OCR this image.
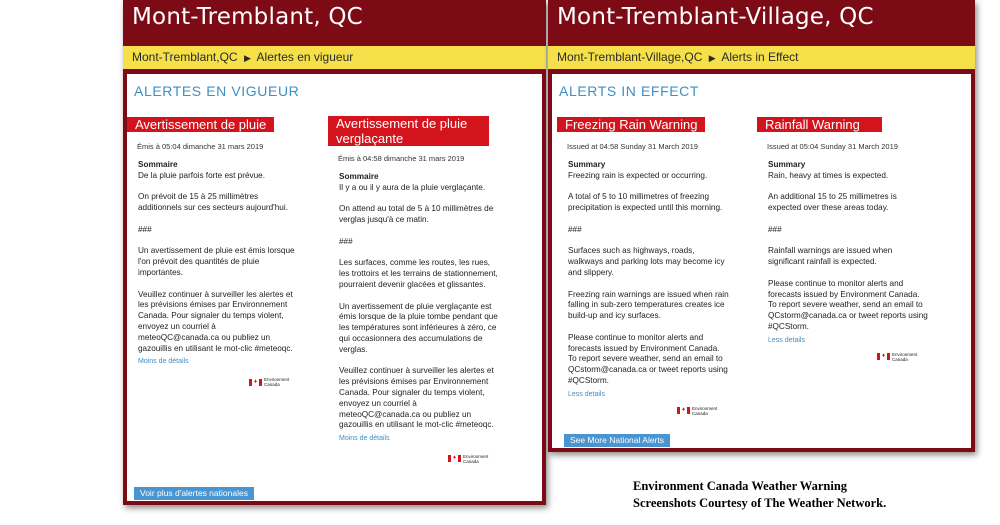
Mont-Tremblant, QC
Mont-Tremblant,QC ▶ Alertes en vigueur
ALERTES EN VIGUEUR
Avertissement de pluie
Émis à 05:04 dimanche 31 mars 2019
Sommaire

De la pluie parfois forte est prévue.

On prévoit de 15 à 25 millimètres additionnels sur ces secteurs aujourd'hui.

###

Un avertissement de pluie est émis lorsque l'on prévoit des quantités de pluie importantes.

Veuillez continuer à surveiller les alertes et les prévisions émises par Environnement Canada. Pour signaler du temps violent, envoyez un courriel à meteoQC@canada.ca ou publiez un gazouillis en utilisant le mot-clic #meteoqc.

Moins de détails
♦	Environment
Canada
Avertissement de pluie verglaçante
Émis à 04:58 dimanche 31 mars 2019
Sommaire

Il y a ou il y aura de la pluie verglaçante.

On attend au total de 5 à 10 millimètres de verglas jusqu'à ce matin.

###

Les surfaces, comme les routes, les rues, les trottoirs et les terrains de stationnement, pourraient devenir glacées et glissantes.

Un avertissement de pluie verglaçante est émis lorsque de la pluie tombe pendant que les températures sont inférieures à zéro, ce qui occasionnera des accumulations de verglas.

Veuillez continuer à surveiller les alertes et les prévisions émises par Environnement Canada. Pour signaler du temps violent, envoyez un courriel à meteoQC@canada.ca ou publiez un gazouillis en utilisant le mot-clic #meteoqc.

Moins de détails
♦	Environment
Canada
Voir plus d'alertes nationales
Mont-Tremblant-Village, QC
Mont-Tremblant-Village,QC ▶ Alerts in Effect
ALERTS IN EFFECT
Freezing Rain Warning
Issued at 04:58 Sunday 31 March 2019
Summary

Freezing rain is expected or occurring.

A total of 5 to 10 millimetres of freezing precipitation is expected until this morning.

###

Surfaces such as highways, roads, walkways and parking lots may become icy and slippery.

Freezing rain warnings are issued when rain falling in sub-zero temperatures creates ice build-up and icy surfaces.

Please continue to monitor alerts and forecasts issued by Environment Canada. To report severe weather, send an email to QCstorm@canada.ca or tweet reports using #QCStorm.

Less details
♦	Environment
Canada
Rainfall Warning
Issued at 05:04 Sunday 31 March 2019
Summary

Rain, heavy at times is expected.

An additional 15 to 25 millimetres is expected over these areas today.

###

Rainfall warnings are issued when significant rainfall is expected.

Please continue to monitor alerts and forecasts issued by Environment Canada. To report severe weather, send an email to QCstorm@canada.ca or tweet reports using #QCStorm.

Less details
♦	Environment
Canada
See More National Alerts
Environment Canada Weather Warning
Screenshots Courtesy of The Weather Network.
